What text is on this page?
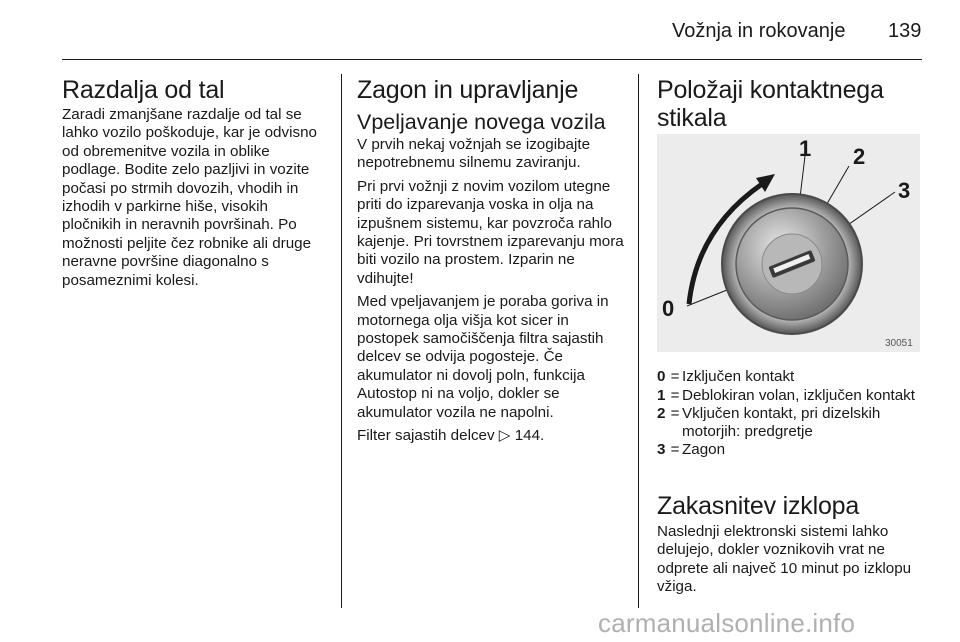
Vožnja in rokovanje 139
Razdalja od tal

Zaradi zmanjšane razdalje od tal se lahko vozilo poškoduje, kar je odvisno od obremenitve vozila in oblike podlage. Bodite zelo pazljivi in vozite počasi po strmih dovozih, vhodih in izhodih v parkirne hiše, visokih pločnikih in neravnih površinah. Po možnosti peljite čez robnike ali druge neravne površine diagonalno s posameznimi kolesi.

Zagon in upravljanje
Vpeljavanje novega vozila

V prvih nekaj vožnjah se izogibajte nepotrebnemu silnemu zaviranju.

Pri prvi vožnji z novim vozilom utegne priti do izparevanja voska in olja na izpušnem sistemu, kar povzroča rahlo kajenje. Pri tovrstnem izparevanju mora biti vozilo na prostem. Izparin ne vdihujte!

Med vpeljavanjem je poraba goriva in motornega olja višja kot sicer in postopek samočiščenja filtra sajastih delcev se odvija pogosteje. Če akumulator ni dovolj poln, funkcija Autostop ni na voljo, dokler se akumulator vozila ne napolni.

Filter sajastih delcev ▷ 144.

Položaji kontaktnega stikala
0
1 2
3
30051
0 = Izključen kontakt
1 = Deblokiran volan, izključen kontakt
2 = Vključen kontakt, pri dizelskih motorjih: predgretje
3 = Zagon
Zakasnitev izklopa

Naslednji elektronski sistemi lahko delujejo, dokler voznikovih vrat ne odprete ali največ 10 minut po izklopu vžiga.

carmanualsonline.info
